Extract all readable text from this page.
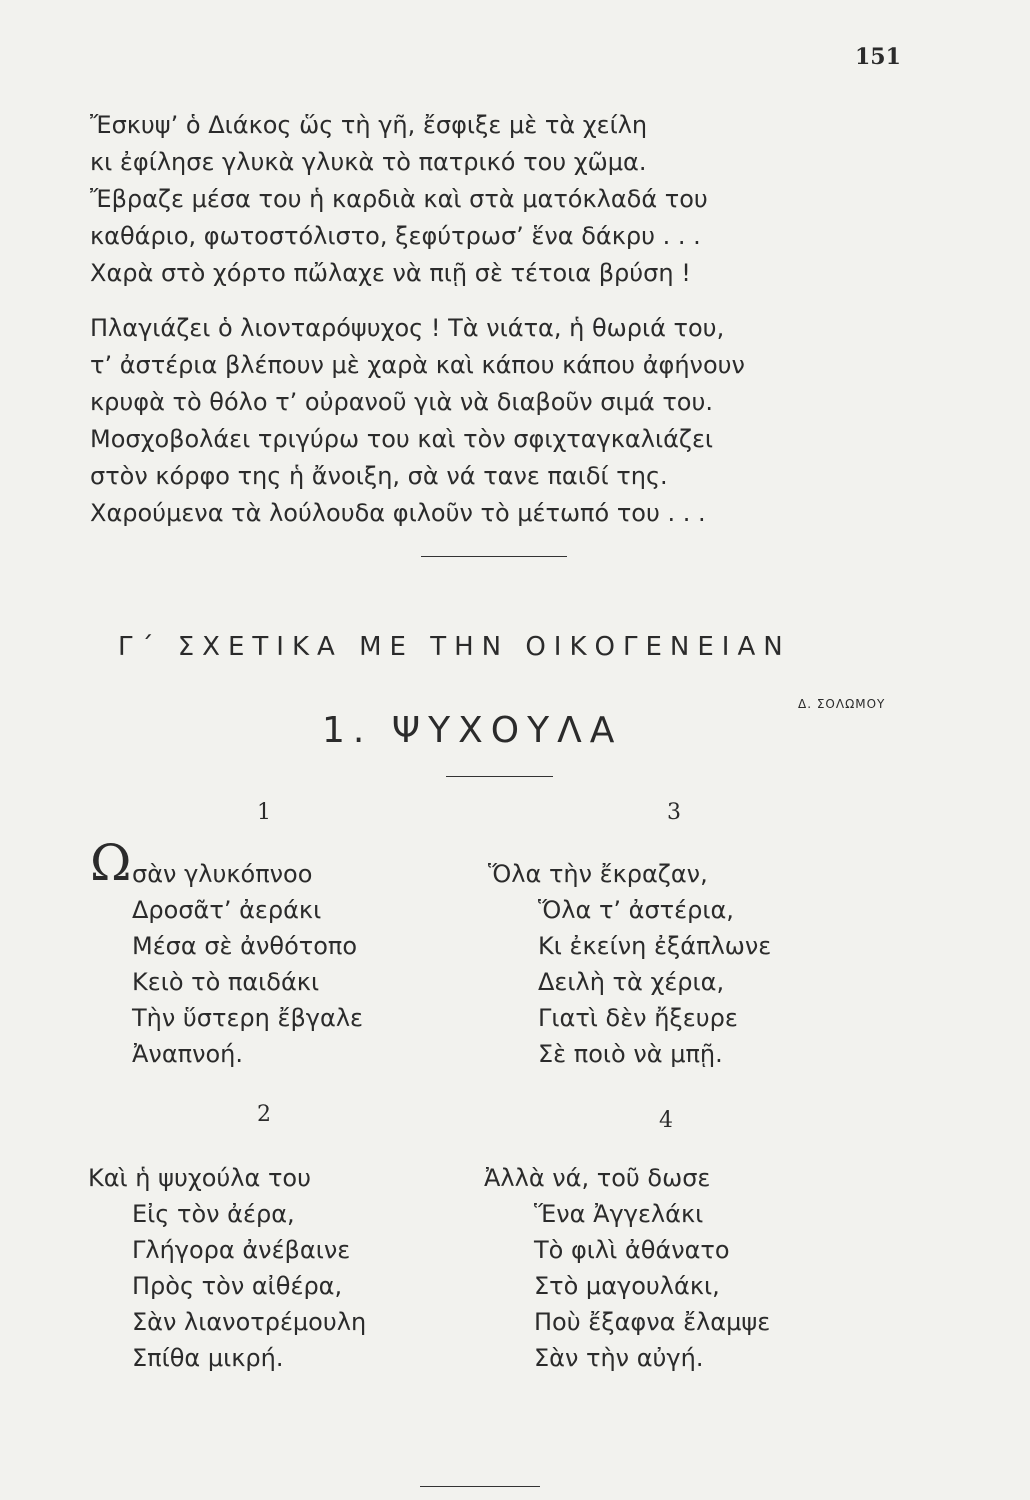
151
Ἔσκυψ’ ὁ Διάκος ὥς τὴ γῆ, ἔσφιξε μὲ τὰ χείλη
κι ἐφίλησε γλυκὰ γλυκὰ τὸ πατρικό του χῶμα.
Ἔβραζε μέσα του ἡ καρδιὰ καὶ στὰ ματόκλαδά του
καθάριο, φωτοστόλιστο, ξεφύτρωσ’ ἕνα δάκρυ . . .
Χαρὰ στὸ χόρτο πὤλαχε νὰ πιῇ σὲ τέτοια βρύση !
Πλαγιάζει ὁ λιονταρόψυχος ! Τὰ νιάτα, ἡ θωριά του,
τ’ ἀστέρια βλέπουν μὲ χαρὰ καὶ κάπου κάπου ἀφήνουν
κρυφὰ τὸ θόλο τ’ οὐρανοῦ γιὰ νὰ διαβοῦν σιμά του.
Μοσχοβολάει τριγύρω του καὶ τὸν σφιχταγκαλιάζει
στὸν κόρφο της ἡ ἄνοιξη, σὰ νά τανε παιδί της.
Χαρούμενα τὰ λούλουδα φιλοῦν τὸ μέτωπό του . . .
Γ΄ ΣΧΕΤΙΚΑ ΜΕ ΤΗΝ ΟΙΚΟΓΕΝΕΙΑΝ
Δ. ΣΟΛΩΜΟΥ
1. ΨΥΧΟΥΛΑ
1	3
Ω σὰν γλυκόπνοο
Δροσᾶτ’ ἀεράκι
Μέσα σὲ ἀνθότοπο
Κειὸ τὸ παιδάκι
Τὴν ὕστερη ἔβγαλε
Ἀναπνοή.
Ὅλα τὴν ἔκραζαν,
Ὅλα τ’ ἀστέρια,
Κι ἐκείνη ἐξάπλωνε
Δειλὴ τὰ χέρια,
Γιατὶ δὲν ἤξευρε
Σὲ ποιὸ νὰ μπῇ.
2	4
Καὶ ἡ ψυχούλα του
Εἰς τὸν ἀέρα,
Γλήγορα ἀνέβαινε
Πρὸς τὸν αἰθέρα,
Σὰν λιανοτρέμουλη
Σπίθα μικρή.
Ἀλλὰ νά, τοῦ δωσε
Ἕνα Ἀγγελάκι
Τὸ φιλὶ ἀθάνατο
Στὸ μαγουλάκι,
Ποὺ ἔξαφνα ἔλαμψε
Σὰν τὴν αὐγή.
